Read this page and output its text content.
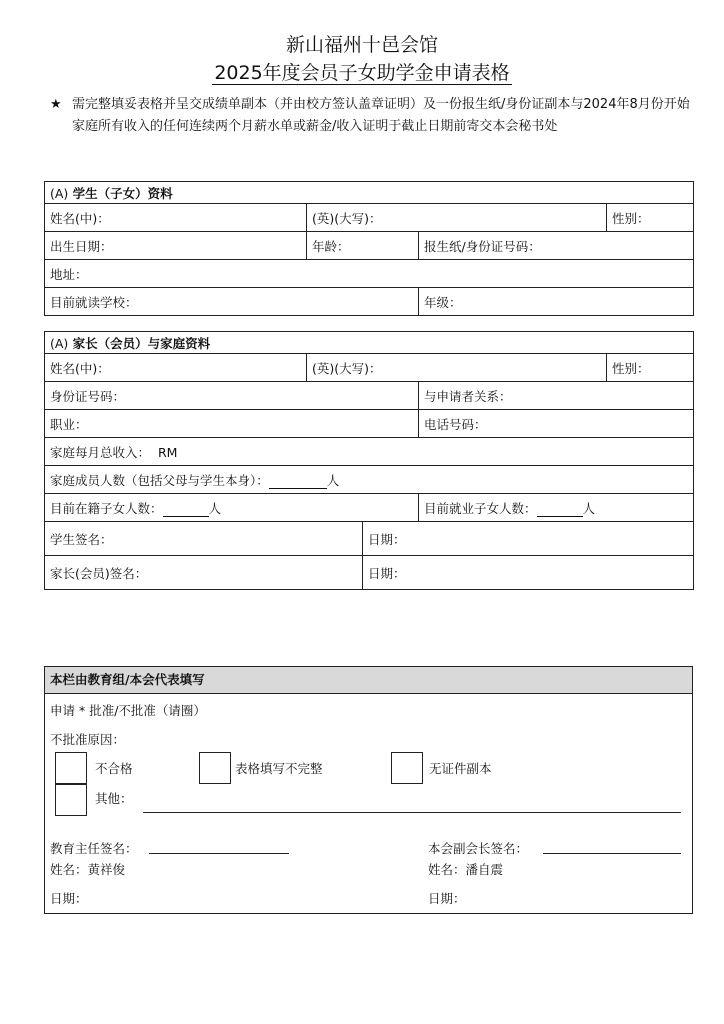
新山福州十邑会馆
2025年度会员子女助学金申请表格
★ 需完整填妥表格并呈交成绩单副本（并由校方签认盖章证明）及一份报生纸/身份证副本与2024年8月份开始家庭所有收入的任何连续两个月薪水单或薪金/收入证明于截止日期前寄交本会秘书处
(A) 学生（子女）资料			
姓名(中)：	(英)(大写)：		性别：
出生日期：	年龄：	报生纸/身份证号码：	
地址：			
目前就读学校：		年级：	
(A) 家长（会员）与家庭资料				
姓名(中)：	(英)(大写)：			性别：
身份证号码：			与申请者关系：	
职业：			电话号码：	
家庭每月总收入： RM				
家庭成员人数（包括父母与学生本身）： 人				
目前在籍子女人数： 人			目前就业子女人数： 人	
学生签名：		日期：		
家长(会员)签名：		日期：		
本栏由教育组/本会代表填写
申请 * 批准/不批准（请圈）
不批准原因：
不合格	表格填写不完整	无证件副本
其他：
教育主任签名：
姓名：黄祥俊
日期：
本会副会长签名：
姓名：潘自震
日期：
